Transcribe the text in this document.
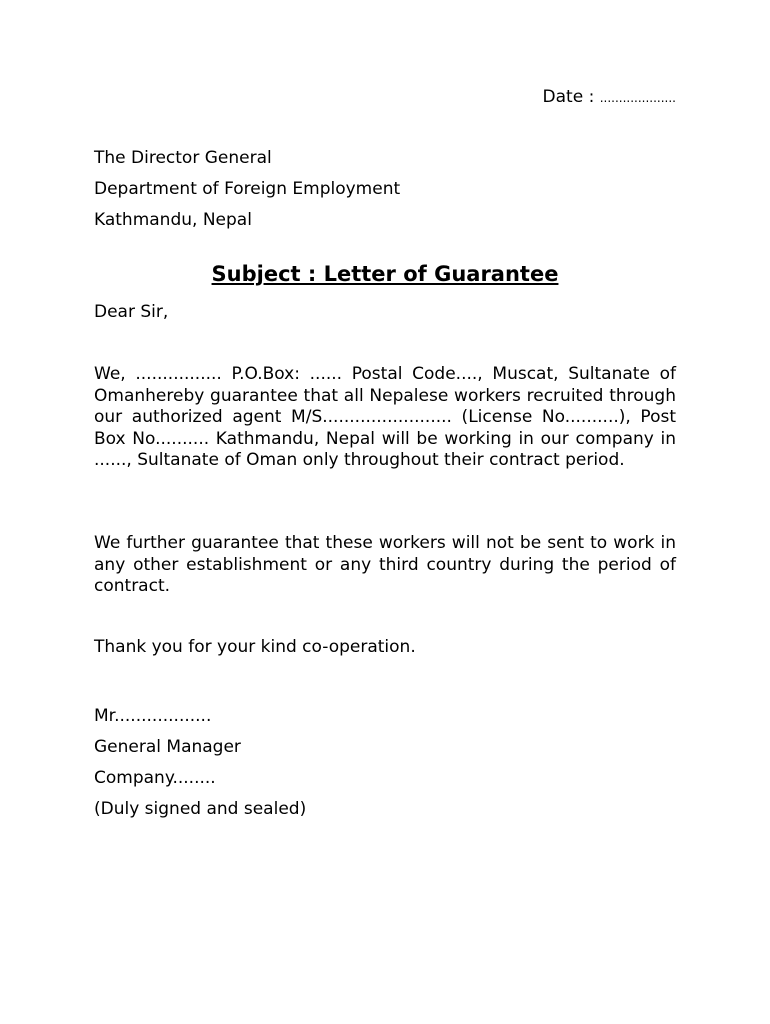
Date : ....................
The Director General
Department of Foreign Employment
Kathmandu, Nepal
Subject : Letter of Guarantee
Dear Sir,
We, ................ P.O.Box: ...... Postal Code...., Muscat, Sultanate of Omanhereby guarantee that all Nepalese workers recruited through our authorized agent M/S........................ (License No..........), Post Box No.......... Kathmandu, Nepal will be working in our company in ......, Sultanate of Oman only throughout their contract period.
We further guarantee that these workers will not be sent to work in any other establishment or any third country during the period of contract.
Thank you for your kind co-operation.
Mr..................
General Manager
Company........
(Duly signed and sealed)
